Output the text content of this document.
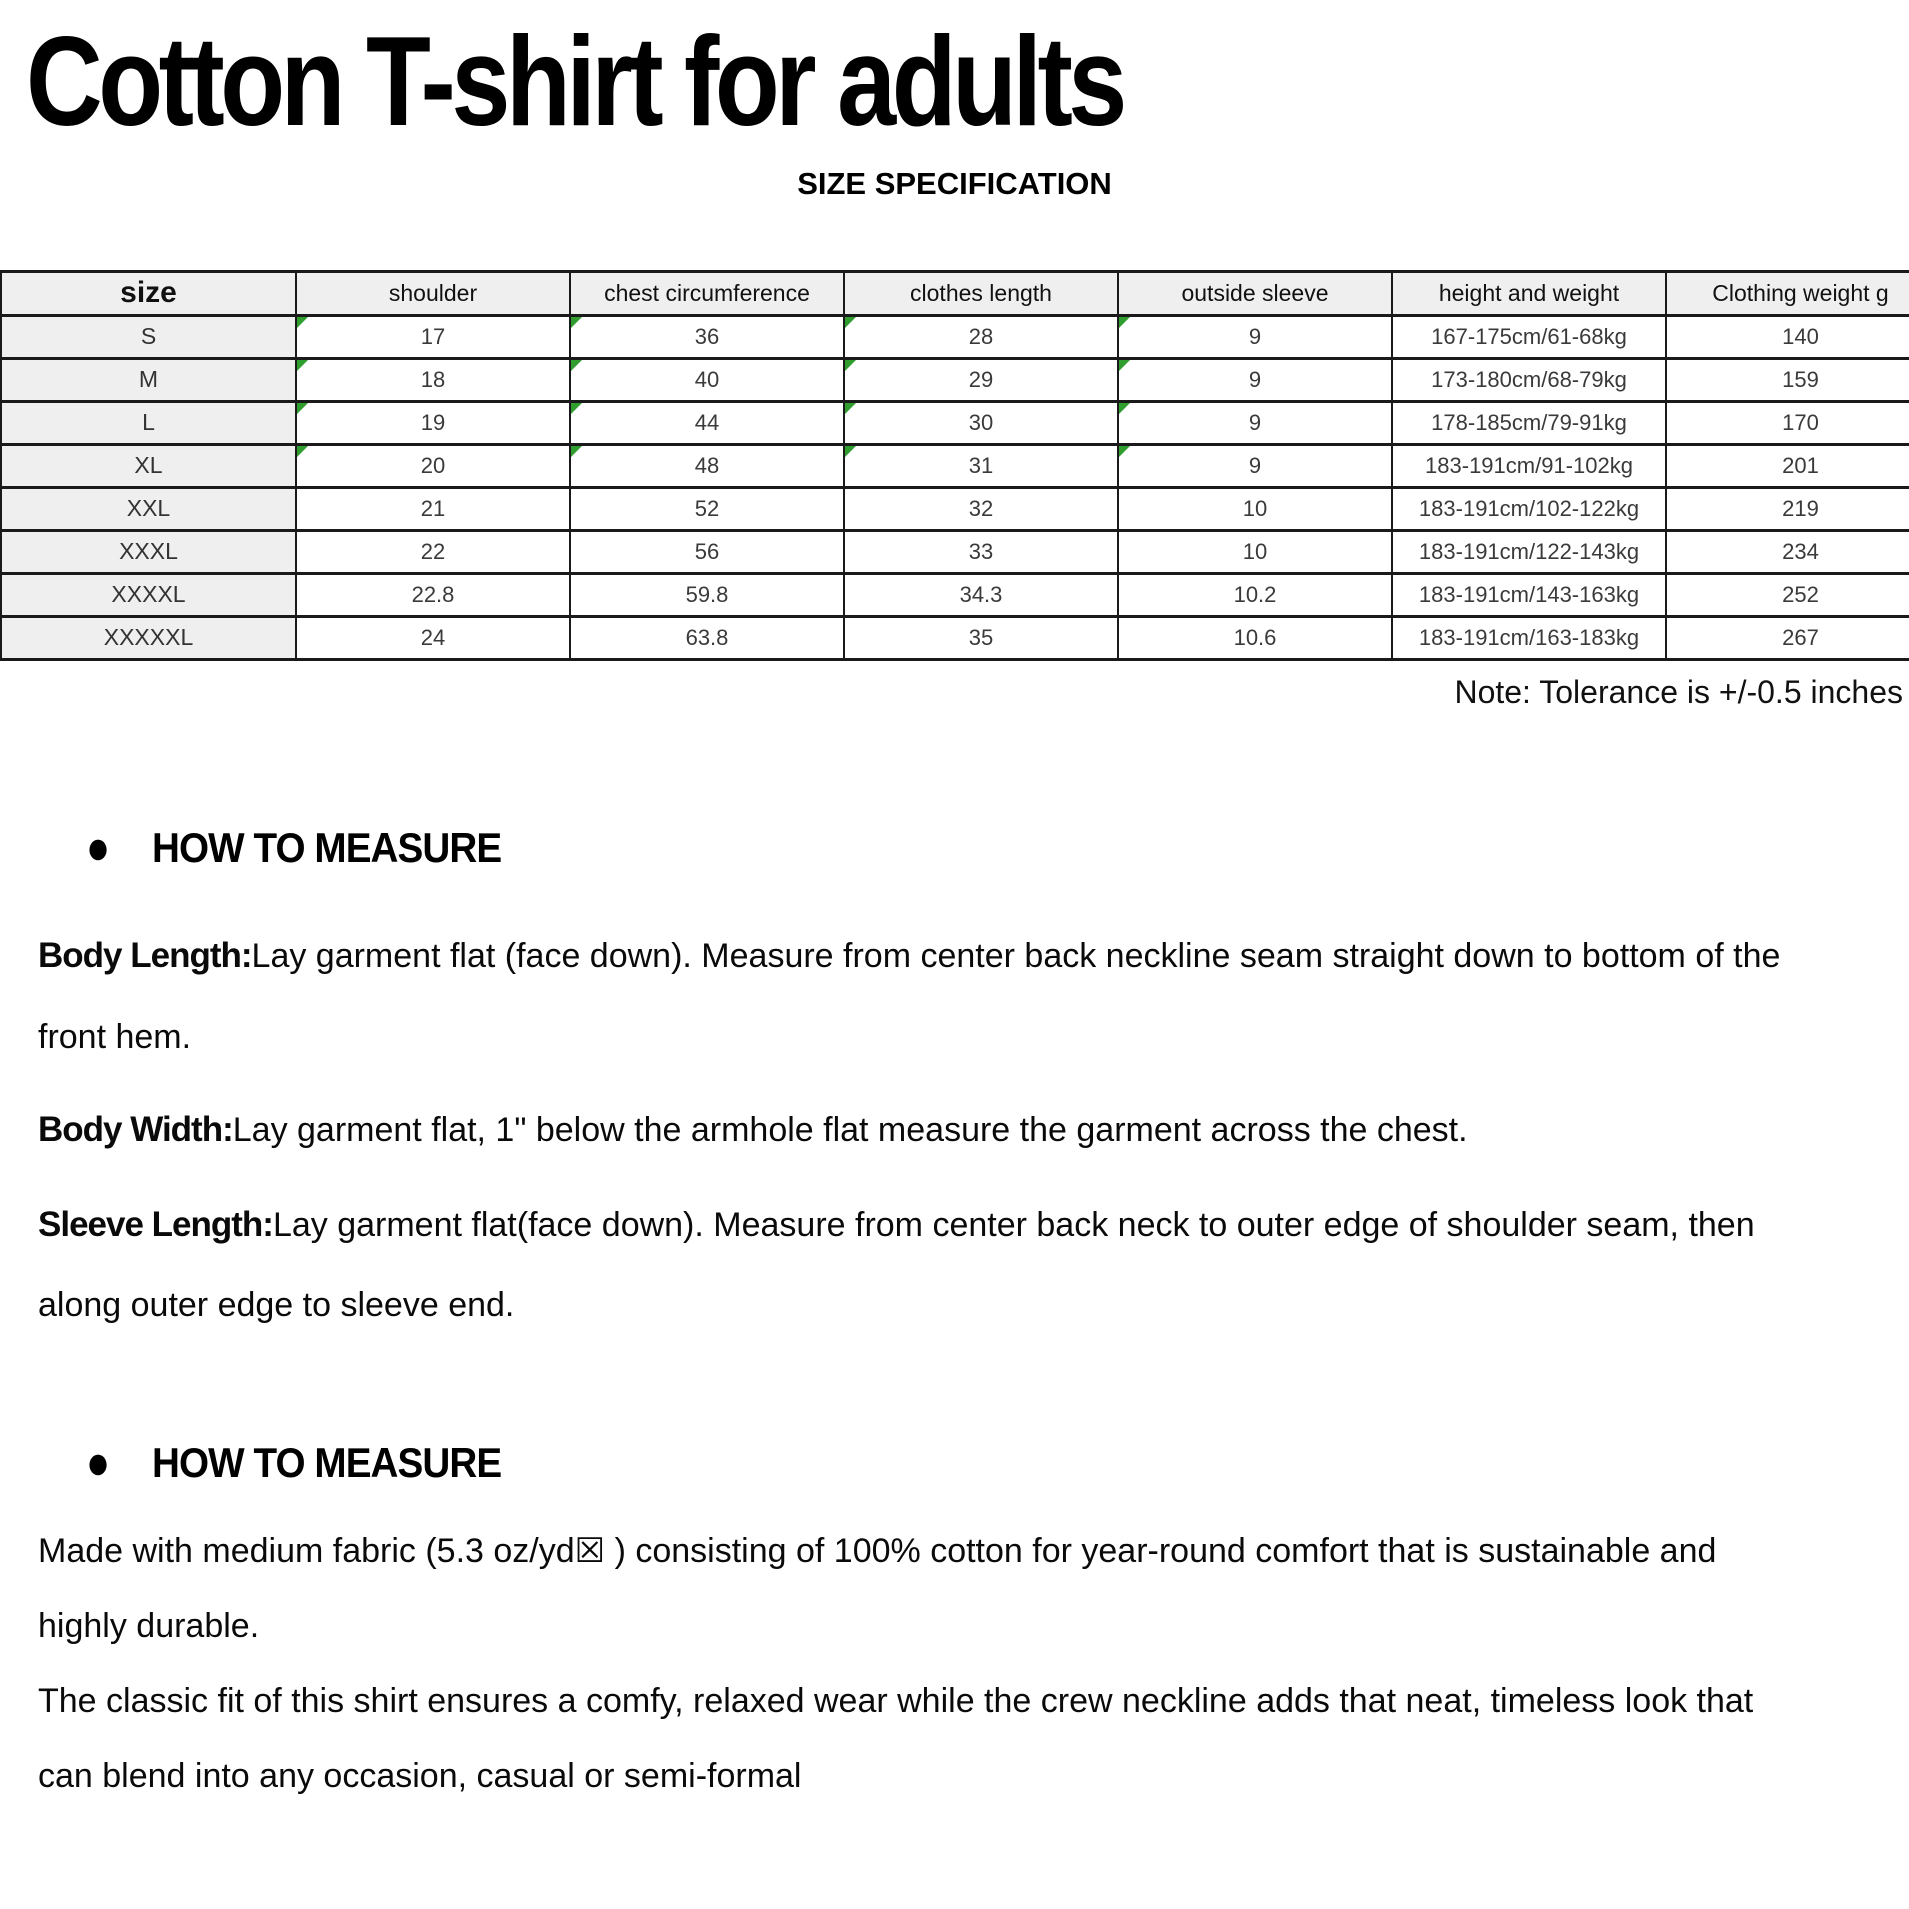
Cotton T-shirt for adults
SIZE SPECIFICATION
size	shoulder	chest circumference	clothes length	outside sleeve	height and weight	Clothing weight g
S	17	36	28	9	167-175cm/61-68kg	140
M	18	40	29	9	173-180cm/68-79kg	159
L	19	44	30	9	178-185cm/79-91kg	170
XL	20	48	31	9	183-191cm/91-102kg	201
XXL	21	52	32	10	183-191cm/102-122kg	219
XXXL	22	56	33	10	183-191cm/122-143kg	234
XXXXL	22.8	59.8	34.3	10.2	183-191cm/143-163kg	252
XXXXXL	24	63.8	35	10.6	183-191cm/163-183kg	267
Note: Tolerance is +/-0.5 inches
● HOW TO MEASURE

Body Length:Lay garment flat (face down). Measure from center back neckline seam straight down to bottom of the front hem.

Body Width:Lay garment flat, 1" below the armhole flat measure the garment across the chest.

Sleeve Length:Lay garment flat(face down). Measure from center back neck to outer edge of shoulder seam, then along outer edge to sleeve end.

● HOW TO MEASURE

Made with medium fabric (5.3 oz/yd☒ ) consisting of 100% cotton for year-round comfort that is sustainable and highly durable.

The classic fit of this shirt ensures a comfy, relaxed wear while the crew neckline adds that neat, timeless look that can blend into any occasion, casual or semi-formal
